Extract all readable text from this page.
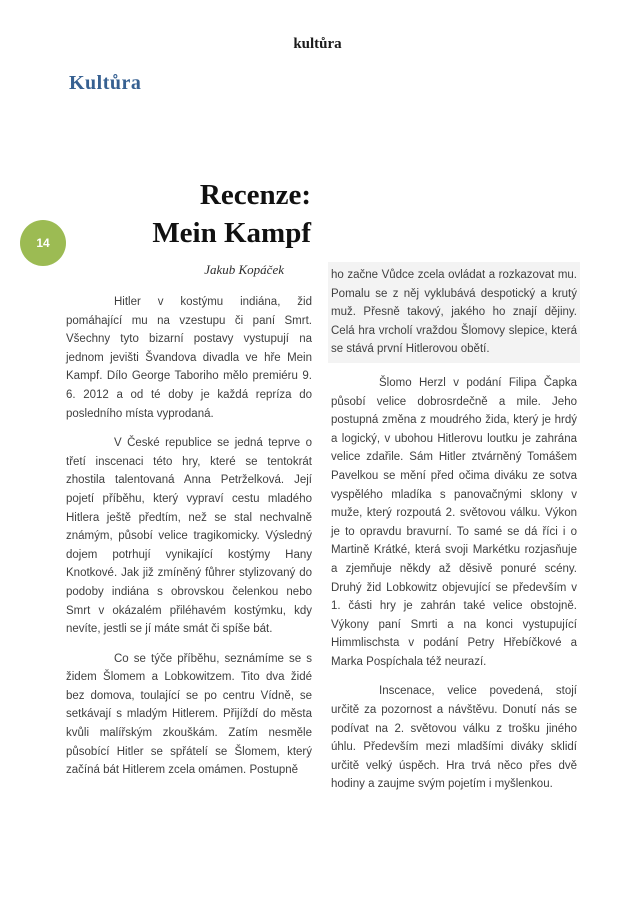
kultůra
Kultůra
14
Recenze:
Mein Kampf
Jakub Kopáček

Hitler v kostýmu indiána, žid pomáhající mu na vzestupu či paní Smrt. Všechny tyto bizarní postavy vystupují na jednom jevišti Švandova divadla ve hře Mein Kampf. Dílo George Taboriho mělo premiéru 9. 6. 2012 a od té doby je každá repríza do posledního místa vyprodaná.

V České republice se jedná teprve o třetí inscenaci této hry, které se tentokrát zhostila talentovaná Anna Petrželková. Její pojetí příběhu, který vypraví cestu mladého Hitlera ještě předtím, než se stal nechvalně známým, působí velice tragikomicky. Výsledný dojem potrhují vynikající kostýmy Hany Knotkové. Jak již zmíněný fůhrer stylizovaný do podoby indiána s obrovskou čelenkou nebo Smrt v okázalém přiléhavém kostýmku, kdy nevíte, jestli se jí máte smát či spíše bát.

Co se týče příběhu, seznámíme se s židem Šlomem a Lobkowitzem. Tito dva židé bez domova, toulající se po centru Vídně, se setkávají s mladým Hitlerem. Přijíždí do města kvůli malířským zkouškám. Zatím nesměle působící Hitler se spřátelí se Šlomem, který začíná bát Hitlerem zcela omámen. Postupně

ho začne Vůdce zcela ovládat a rozkazovat mu. Pomalu se z něj vyklubává despotický a krutý muž. Přesně takový, jakého ho znají dějiny. Celá hra vrcholí vraždou Šlomovy slepice, která se stává první Hitlerovou obětí.

Šlomo Herzl v podání Filipa Čapka působí velice dobrosrdečně a mile. Jeho postupná změna z moudrého žida, který je hrdý a logický, v ubohou Hitlerovu loutku je zahrána velice zdařile. Sám Hitler ztvárněný Tomášem Pavelkou se mění před očima diváku ze sotva vyspělého mladíka s panovačnými sklony v muže, který rozpoutá 2. světovou válku. Výkon je to opravdu bravurní. To samé se dá říci i o Martině Krátké, která svoji Markétku rozjasňuje a zjemňuje někdy až děsivě ponuré scény. Druhý žid Lobkowitz objevující se především v 1. části hry je zahrán také velice obstojně. Výkony paní Smrti a na konci vystupující Himmlischsta v podání Petry Hřebíčkové a Marka Pospíchala též neurazí.

Inscenace, velice povedená, stojí určitě za pozornost a návštěvu. Donutí nás se podívat na 2. světovou válku z trošku jiného úhlu. Především mezi mladšími diváky sklidí určitě velký úspěch. Hra trvá něco přes dvě hodiny a zaujme svým pojetím i myšlenkou.
